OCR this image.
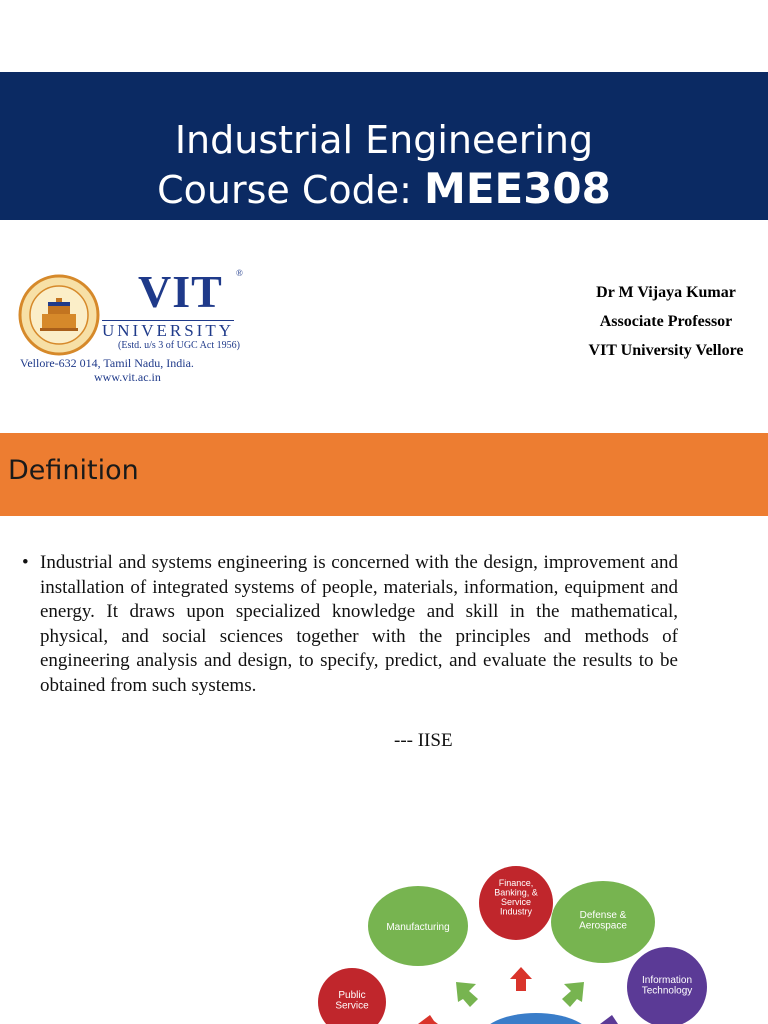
Industrial Engineering
Course Code: MEE308
VIT ®
UNIVERSITY
(Estd. u/s 3 of UGC Act 1956)
Vellore-632 014, Tamil Nadu, India.
www.vit.ac.in
Dr M Vijaya Kumar
Associate Professor
VIT University Vellore
Definition
• Industrial and systems engineering is concerned with the design, improvement and installation of integrated systems of people, materials, information, equipment and energy. It draws upon specialized knowledge and skill in the mathematical, physical, and social sciences together with the principles and methods of engineering analysis and design, to specify, predict, and evaluate the results to be obtained from such systems.
--- IISE
Manufacturing
Finance, Banking, & Service Industry	Defense & Aerospace
Information Technology
Public Service
